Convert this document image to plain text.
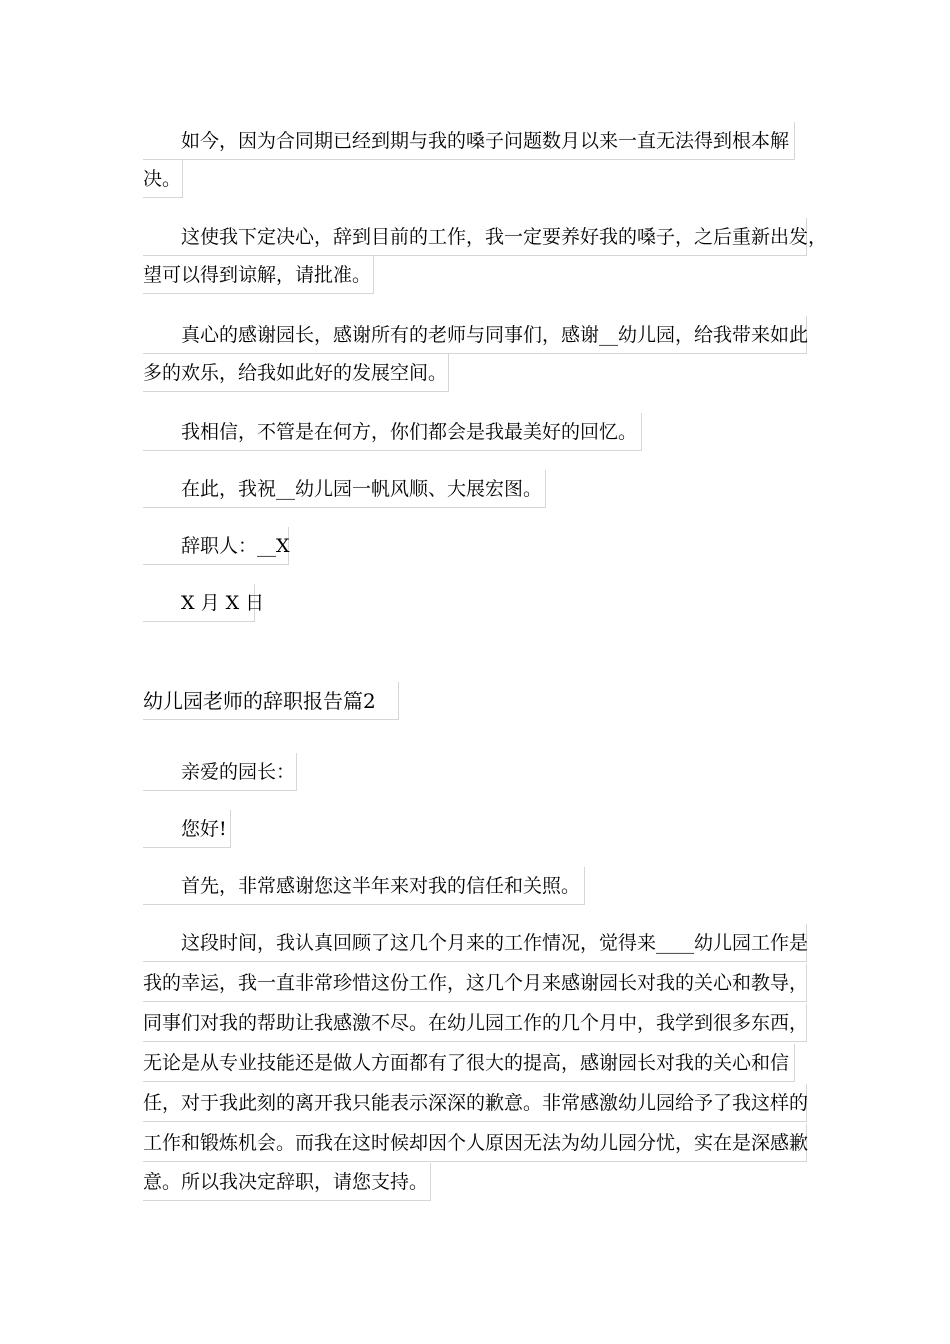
如今，因为合同期已经到期与我的嗓子问题数月以来一直无法得到根本解
决。
这使我下定决心，辞到目前的工作，我一定要养好我的嗓子，之后重新出发，
望可以得到谅解，请批准。
真心的感谢园长，感谢所有的老师与同事们，感谢__幼儿园，给我带来如此
多的欢乐，给我如此好的发展空间。
我相信，不管是在何方，你们都会是我最美好的回忆。
在此，我祝__幼儿园一帆风顺、大展宏图。
辞职人：__X
X 月 X 日
幼儿园老师的辞职报告篇2
亲爱的园长：
您好!
首先，非常感谢您这半年来对我的信任和关照。
这段时间，我认真回顾了这几个月来的工作情况，觉得来____幼儿园工作是
我的幸运，我一直非常珍惜这份工作，这几个月来感谢园长对我的关心和教导，
同事们对我的帮助让我感激不尽。在幼儿园工作的几个月中，我学到很多东西，
无论是从专业技能还是做人方面都有了很大的提高，感谢园长对我的关心和信
任，对于我此刻的离开我只能表示深深的歉意。非常感激幼儿园给予了我这样的
工作和锻炼机会。而我在这时候却因个人原因无法为幼儿园分忧，实在是深感歉
意。所以我决定辞职，请您支持。
